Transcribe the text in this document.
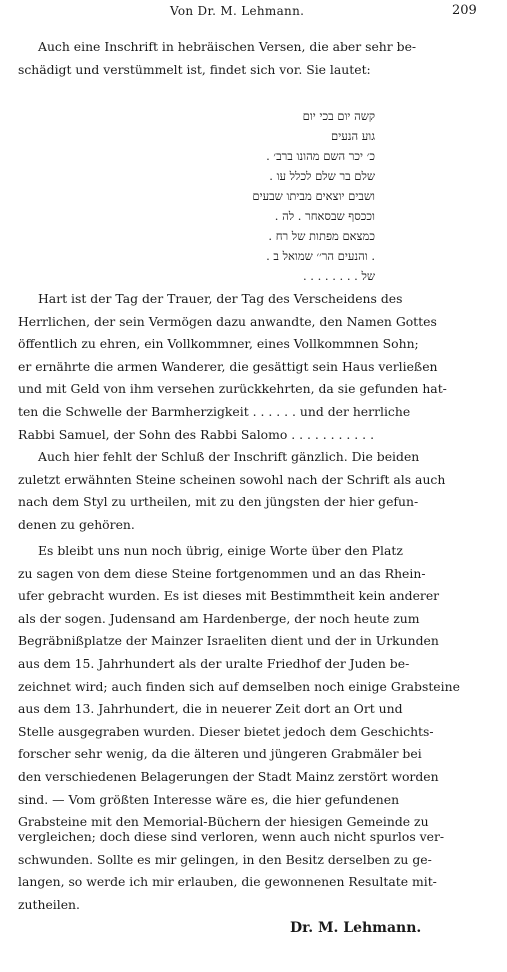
Von Dr. M. Lehmann.	209
Auch eine Inschrift in hebräischen Versen, die aber sehr be-
schädigt und verstümmelt ist, findet sich vor. Sie lautet:
קשה יום בכי יום
גוע הנעים
כ׳ יכר השם מהונו ברב׳ .
שלם בר שלם לכלל עו .
ושבים יוצאים מביתו שבעים
וככסף שבסאחר . לה .
כמצאם מפתות של רח .
. והנעים הר׳׳ שמואל ב .
של . . . . . . . .
Hart ist der Tag der Trauer, der Tag des Verscheidens des
Herrlichen, der sein Vermögen dazu anwandte, den Namen Gottes
öffentlich zu ehren, ein Vollkommner, eines Vollkommnen Sohn;
er ernährte die armen Wanderer, die gesättigt sein Haus verließen
und mit Geld von ihm versehen zurückkehrten, da sie gefunden hat-
ten die Schwelle der Barmherzigkeit . . . . . . und der herrliche
Rabbi Samuel, der Sohn des Rabbi Salomo . . . . . . . . . . .
Auch hier fehlt der Schluß der Inschrift gänzlich. Die beiden
zuletzt erwähnten Steine scheinen sowohl nach der Schrift als auch
nach dem Styl zu urtheilen, mit zu den jüngsten der hier gefun-
denen zu gehören.
Es bleibt uns nun noch übrig, einige Worte über den Platz
zu sagen von dem diese Steine fortgenommen und an das Rhein-
ufer gebracht wurden. Es ist dieses mit Bestimmtheit kein anderer
als der sogen. Judensand am Hardenberge, der noch heute zum
Begräbnißplatze der Mainzer Israeliten dient und der in Urkunden
aus dem 15. Jahrhundert als der uralte Friedhof der Juden be-
zeichnet wird; auch finden sich auf demselben noch einige Grabsteine
aus dem 13. Jahrhundert, die in neuerer Zeit dort an Ort und
Stelle ausgegraben wurden. Dieser bietet jedoch dem Geschichts-
forscher sehr wenig, da die älteren und jüngeren Grabmäler bei
den verschiedenen Belagerungen der Stadt Mainz zerstört worden
sind. — Vom größten Interesse wäre es, die hier gefundenen
Grabsteine mit den Memorial-Büchern der hiesigen Gemeinde zu
vergleichen; doch diese sind verloren, wenn auch nicht spurlos ver-
schwunden. Sollte es mir gelingen, in den Besitz derselben zu ge-
langen, so werde ich mir erlauben, die gewonnenen Resultate mit-
zutheilen.
Dr. M. Lehmann.
